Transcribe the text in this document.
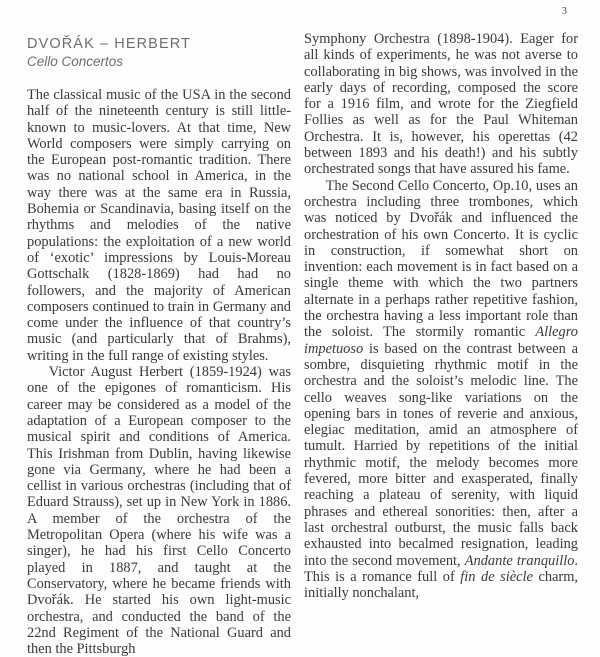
3
DVOŘÁK – HERBERT
Cello Concertos

The classical music of the USA in the second half of the nineteenth century is still little-known to music-lovers. At that time, New World composers were simply carrying on the European post-romantic tradition. There was no national school in America, in the way there was at the same era in Russia, Bohemia or Scandinavia, basing itself on the rhythms and melodies of the native populations: the exploitation of a new world of ‘exotic’ impressions by Louis-Moreau Gottschalk (1828-1869) had had no followers, and the majority of American composers continued to train in Germany and come under the influence of that country’s music (and particularly that of Brahms), writing in the full range of existing styles.

Victor August Herbert (1859-1924) was one of the epigones of romanticism. His career may be considered as a model of the adaptation of a European composer to the musical spirit and conditions of America. This Irishman from Dublin, having likewise gone via Germany, where he had been a cellist in various orchestras (including that of Eduard Strauss), set up in New York in 1886. A member of the orchestra of the Metropolitan Opera (where his wife was a singer), he had his first Cello Concerto played in 1887, and taught at the Conservatory, where he became friends with Dvořák. He started his own light-music orchestra, and conducted the band of the 22nd Regiment of the National Guard and then the Pittsburgh

Symphony Orchestra (1898-1904). Eager for all kinds of experiments, he was not averse to collaborating in big shows, was involved in the early days of recording, composed the score for a 1916 film, and wrote for the Ziegfield Follies as well as for the Paul Whiteman Orchestra. It is, however, his operettas (42 between 1893 and his death!) and his subtly orchestrated songs that have assured his fame.

The Second Cello Concerto, Op.10, uses an orchestra including three trombones, which was noticed by Dvořák and influenced the orchestration of his own Concerto. It is cyclic in construction, if somewhat short on invention: each movement is in fact based on a single theme with which the two partners alternate in a perhaps rather repetitive fashion, the orchestra having a less important role than the soloist. The stormily romantic Allegro impetuoso is based on the contrast between a sombre, disquieting rhythmic motif in the orchestra and the soloist’s melodic line. The cello weaves song-like variations on the opening bars in tones of reverie and anxious, elegiac meditation, amid an atmosphere of tumult. Harried by repetitions of the initial rhythmic motif, the melody becomes more fevered, more bitter and exasperated, finally reaching a plateau of serenity, with liquid phrases and ethereal sonorities: then, after a last orchestral outburst, the music falls back exhausted into becalmed resignation, leading into the second movement, Andante tranquillo. This is a romance full of fin de siècle charm, initially nonchalant,
